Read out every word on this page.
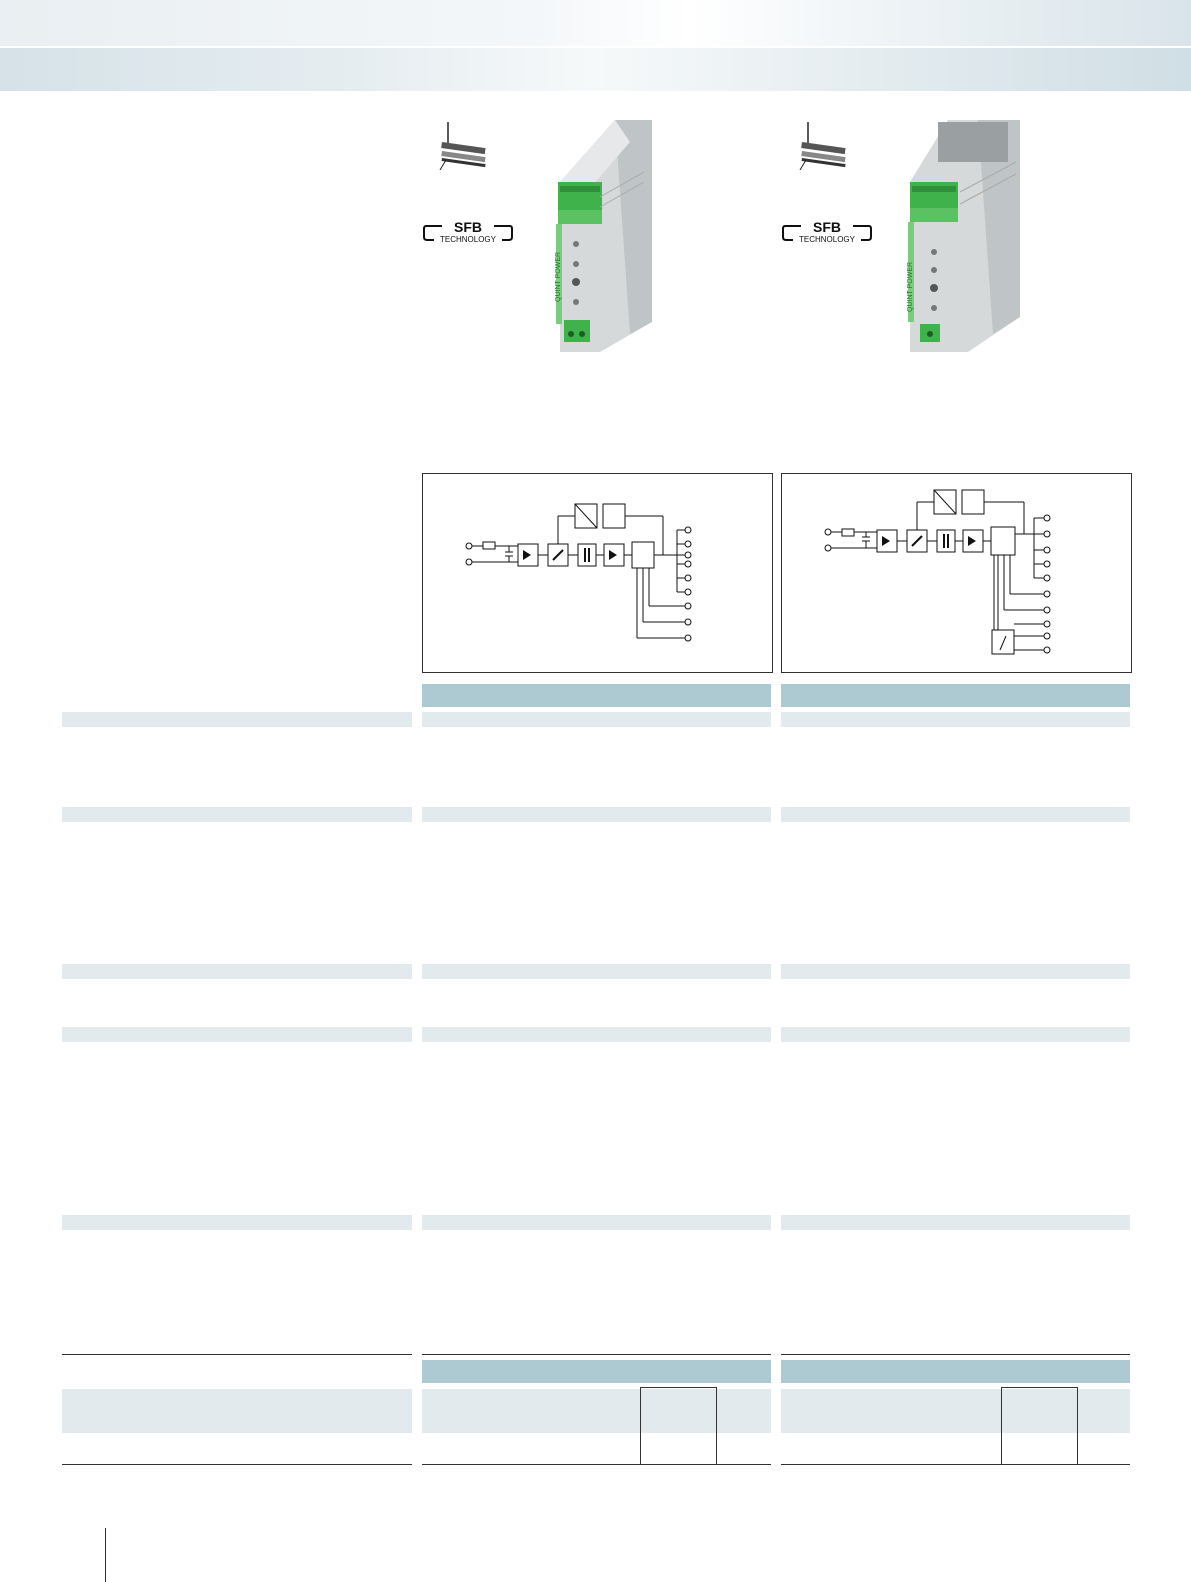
SFB
TECHNOLOGY
QUINT POWER
SFB
TECHNOLOGY
QUINT POWER
